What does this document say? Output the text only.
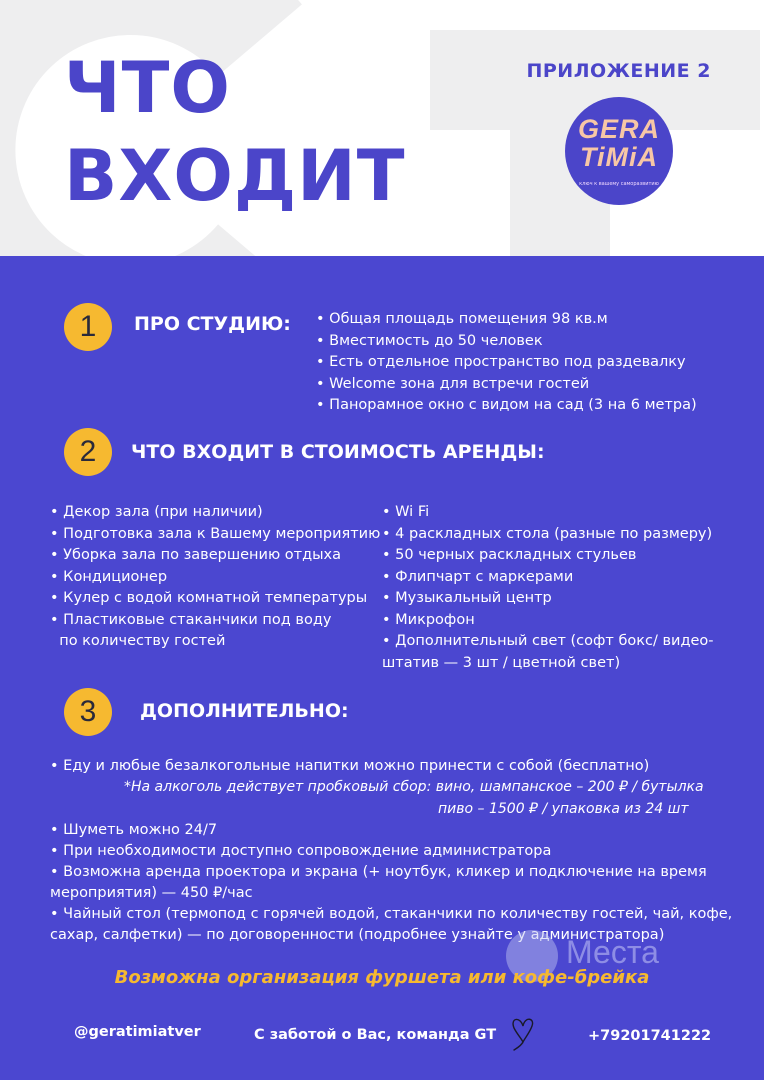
ЧТО
ВХОДИТ
ПРИЛОЖЕНИЕ 2
GERA
TiMiA
ключ к вашему саморазвитию
1	ПРО СТУДИЮ: • Общая площадь помещения 98 кв.м
• Вместимость до 50 человек
• Есть отдельное пространство под раздевалку
• Welcome зона для встречи гостей
• Панорамное окно с видом на сад (3 на 6 метра)
2	ЧТО ВХОДИТ В СТОИМОСТЬ АРЕНДЫ:
• Декор зала (при наличии)
• Подготовка зала к Вашему мероприятию
• Уборка зала по завершению отдыха
• Кондиционер
• Кулер с водой комнатной температуры
• Пластиковые стаканчики под воду
по количеству гостей
• Wi Fi
• 4 раскладных стола (разные по размеру)
• 50 черных раскладных стульев
• Флипчарт с маркерами
• Музыкальный центр
• Микрофон
• Дополнительный свет (софт бокс/ видео-
штатив — 3 шт / цветной свет)
3	ДОПОЛНИТЕЛЬНО:
• Еду и любые безалкогольные напитки можно принести с собой (бесплатно)
*На алкоголь действует пробковый сбор: вино, шампанское – 200 ₽ / бутылка
пиво – 1500 ₽ / упаковка из 24 шт
• Шуметь можно 24/7
• При необходимости доступно сопровождение администратора
• Возможна аренда проектора и экрана (+ ноутбук, кликер и подключение на время
мероприятия) — 450 ₽/час
• Чайный стол (термопод с горячей водой, стаканчики по количеству гостей, чай, кофе,
сахар, салфетки) — по договоренности (подробнее узнайте у администратора)
Места
Возможна организация фуршета или кофе-брейка
@geratimiatver	С заботой о Вас, команда GT	+79201741222
